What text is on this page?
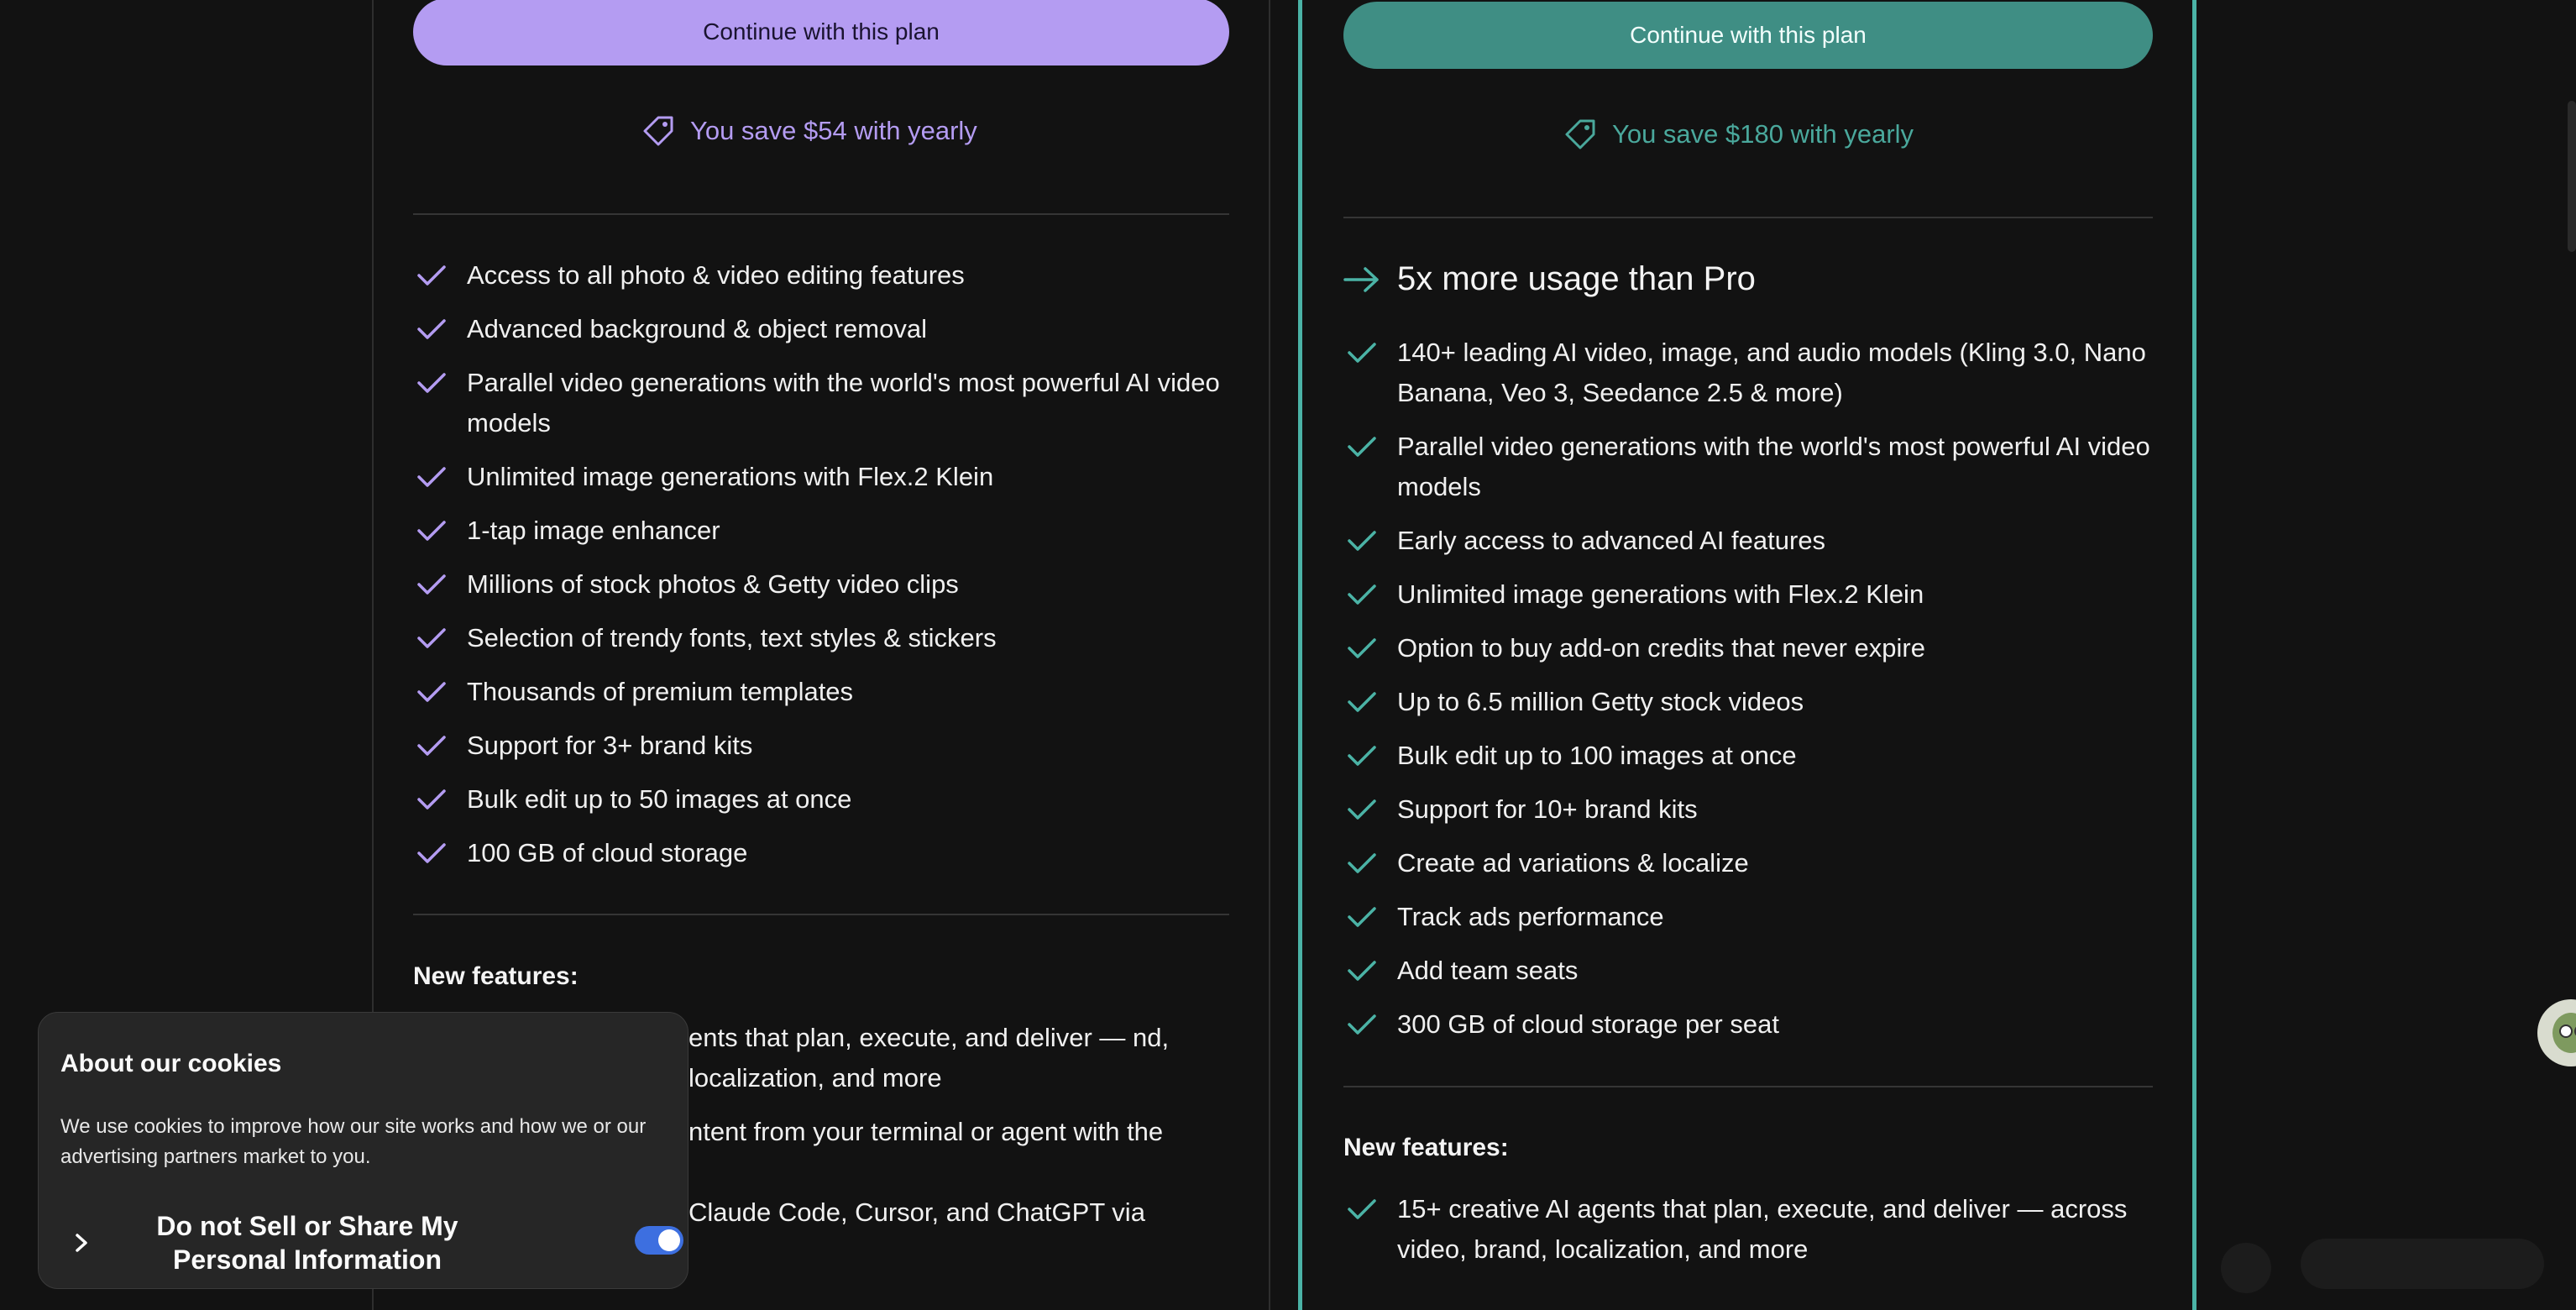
Continue with this plan
You save $54 with yearly
Access to all photo & video editing features
Advanced background & object removal
Parallel video generations with the world's most powerful AI video models
Unlimited image generations with Flex.2 Klein
1-tap image enhancer
Millions of stock photos & Getty video clips
Selection of trendy fonts, text styles & stickers
Thousands of premium templates
Support for 3+ brand kits
Bulk edit up to 50 images at once
100 GB of cloud storage
New features:
ents that plan, execute, and deliver — nd, localization, and more
ntent from your terminal or agent with the
Claude Code, Cursor, and ChatGPT via
Continue with this plan
You save $180 with yearly
5x more usage than Pro
140+ leading AI video, image, and audio models (Kling 3.0, Nano Banana, Veo 3, Seedance 2.5 & more)
Parallel video generations with the world's most powerful AI video models
Early access to advanced AI features
Unlimited image generations with Flex.2 Klein
Option to buy add-on credits that never expire
Up to 6.5 million Getty stock videos
Bulk edit up to 100 images at once
Support for 10+ brand kits
Create ad variations & localize
Track ads performance
Add team seats
300 GB of cloud storage per seat
New features:
15+ creative AI agents that plan, execute, and deliver — across video, brand, localization, and more
About our cookies

We use cookies to improve how our site works and how we or our advertising partners market to you.

Do not Sell or Share My Personal Information
